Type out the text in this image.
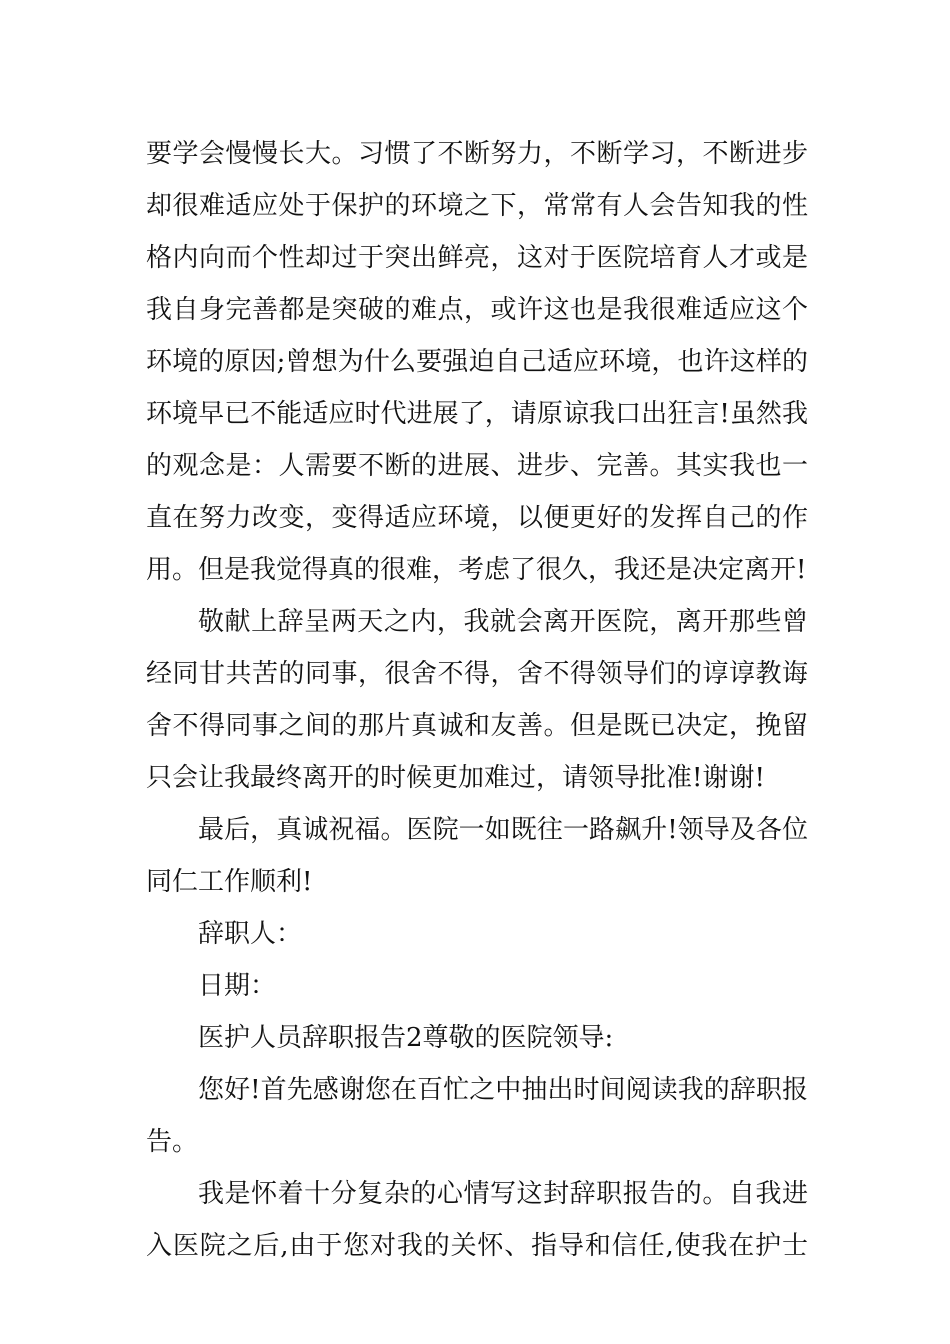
要学会慢慢长大。习惯了不断努力，不断学习，不断进步
却很难适应处于保护的环境之下，常常有人会告知我的性
格内向而个性却过于突出鲜亮，这对于医院培育人才或是
我自身完善都是突破的难点，或许这也是我很难适应这个
环境的原因;曾想为什么要强迫自己适应环境，也许这样的
环境早已不能适应时代进展了，请原谅我口出狂言!虽然我
的观念是：人需要不断的进展、进步、完善。其实我也一
直在努力改变，变得适应环境，以便更好的发挥自己的作
用。但是我觉得真的很难，考虑了很久，我还是决定离开!
敬献上辞呈两天之内，我就会离开医院，离开那些曾
经同甘共苦的同事，很舍不得，舍不得领导们的谆谆教诲
舍不得同事之间的那片真诚和友善。但是既已决定，挽留
只会让我最终离开的时候更加难过，请领导批准!谢谢!
最后，真诚祝福。医院一如既往一路飙升!领导及各位
同仁工作顺利!
辞职人：
日期：
医护人员辞职报告2尊敬的医院领导:
您好!首先感谢您在百忙之中抽出时间阅读我的辞职报
告。
我是怀着十分复杂的心情写这封辞职报告的。自我进
入医院之后,由于您对我的关怀、指导和信任,使我在护士
